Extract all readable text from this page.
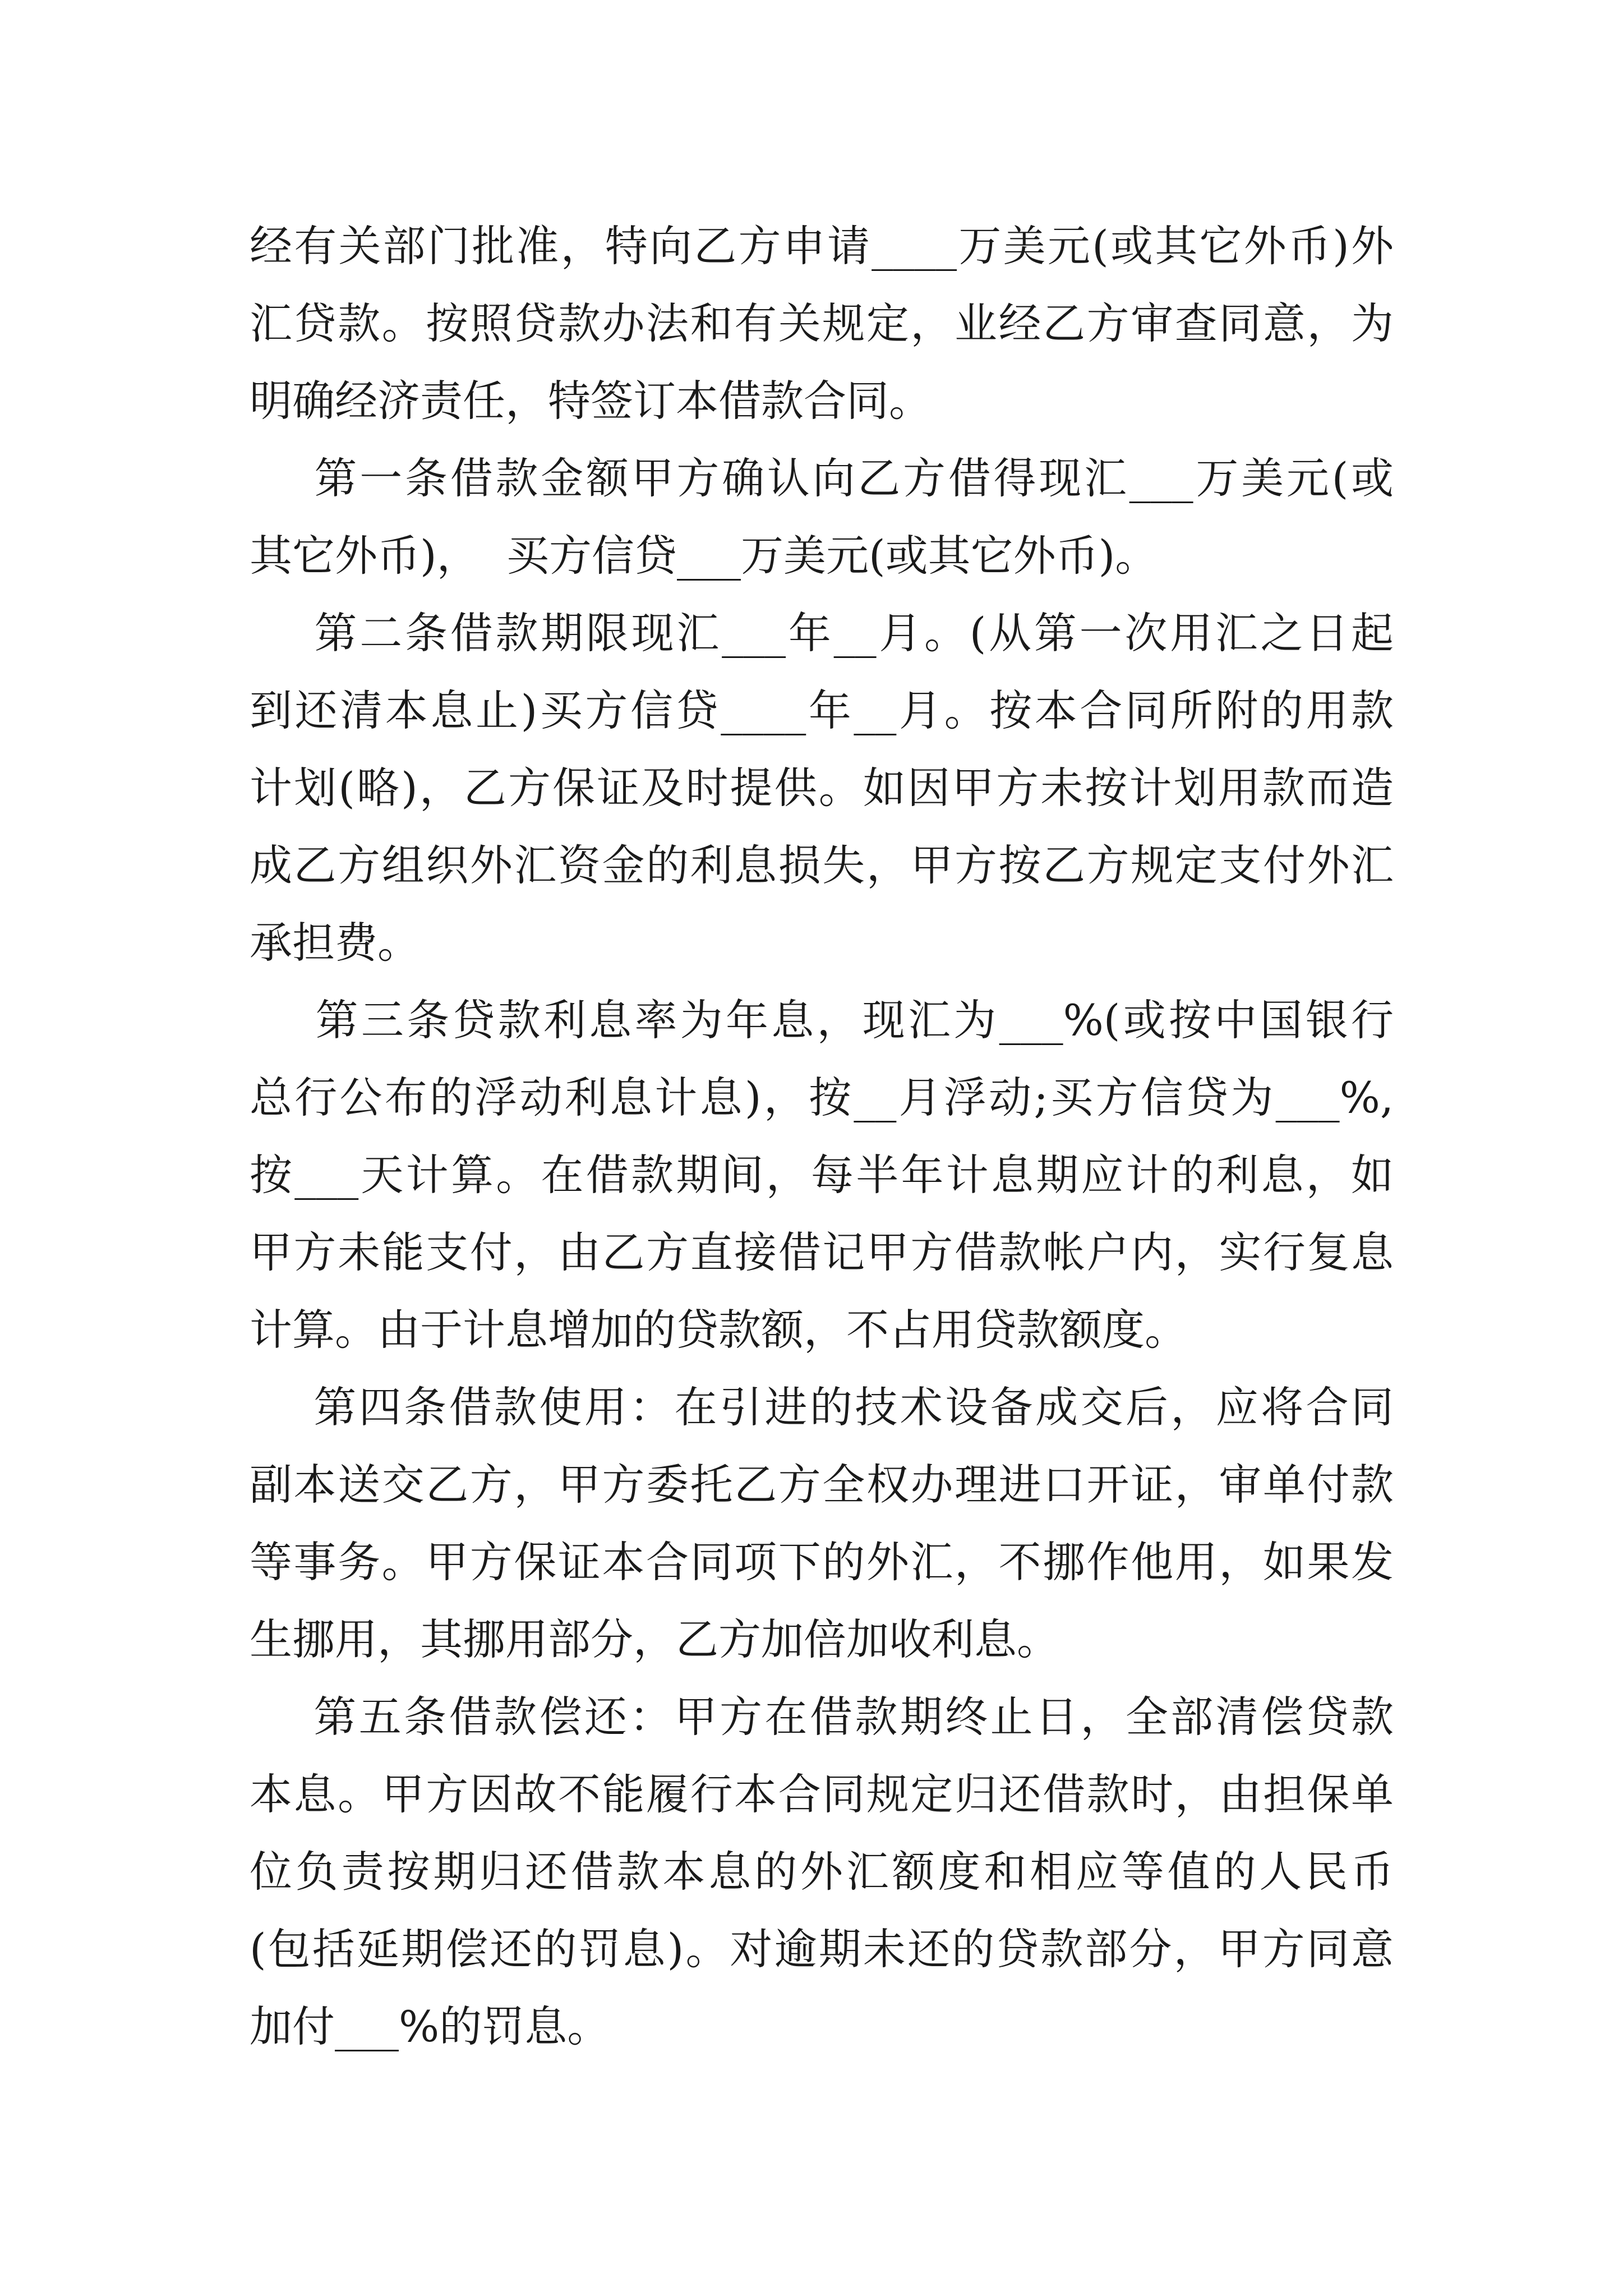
经有关部门批准，特向乙方申请____万美元(或其它外币)外
汇贷款。按照贷款办法和有关规定，业经乙方审查同意，为
明确经济责任，特签订本借款合同。
第一条借款金额甲方确认向乙方借得现汇___万美元(或
其它外币)，  买方信贷___万美元(或其它外币)。
第二条借款期限现汇___年__月。(从第一次用汇之日起
到还清本息止)买方信贷____年__月。按本合同所附的用款
计划(略)，乙方保证及时提供。如因甲方未按计划用款而造
成乙方组织外汇资金的利息损失，甲方按乙方规定支付外汇
承担费。
第三条贷款利息率为年息，现汇为___%(或按中国银行
总行公布的浮动利息计息)，按__月浮动;买方信贷为___%,
按___天计算。在借款期间，每半年计息期应计的利息，如
甲方未能支付，由乙方直接借记甲方借款帐户内，实行复息
计算。由于计息增加的贷款额，不占用贷款额度。
第四条借款使用：在引进的技术设备成交后，应将合同
副本送交乙方，甲方委托乙方全权办理进口开证，审单付款
等事务。甲方保证本合同项下的外汇，不挪作他用，如果发
生挪用，其挪用部分，乙方加倍加收利息。
第五条借款偿还：甲方在借款期终止日，全部清偿贷款
本息。甲方因故不能履行本合同规定归还借款时，由担保单
位负责按期归还借款本息的外汇额度和相应等值的人民币
(包括延期偿还的罚息)。对逾期未还的贷款部分，甲方同意
加付___%的罚息。
